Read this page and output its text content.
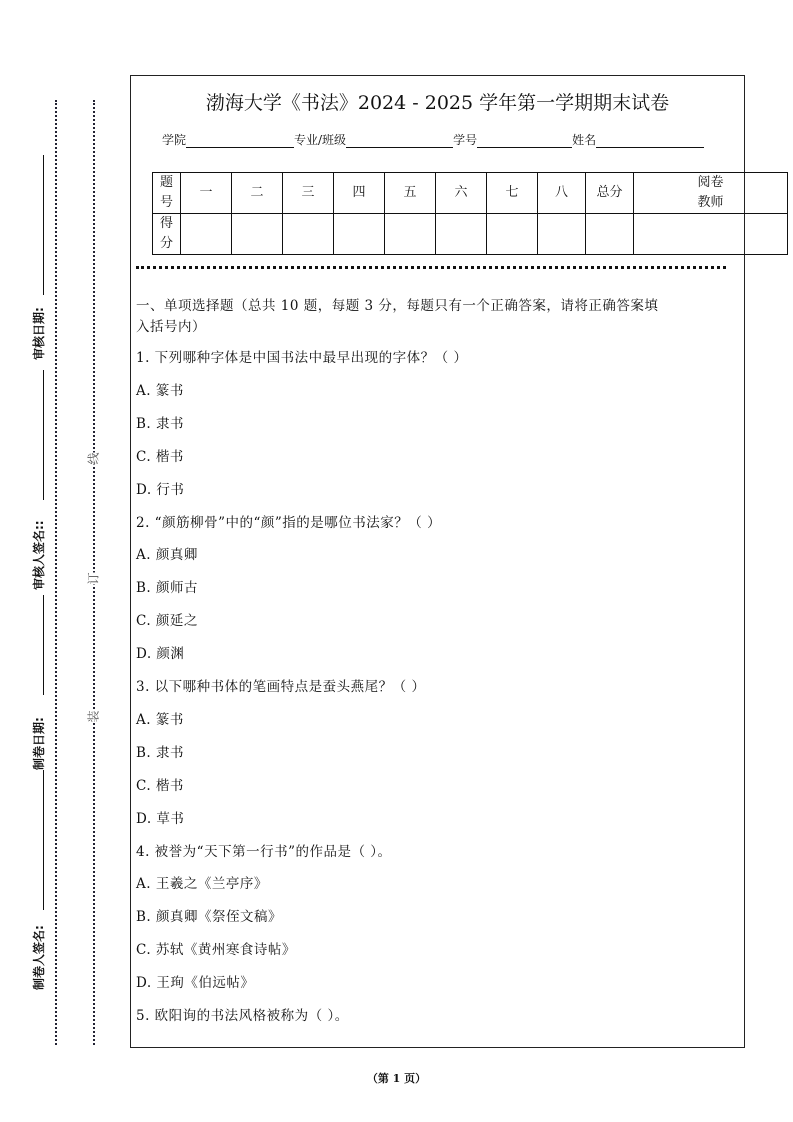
制卷人签名:
制卷日期:
审核人签名::
审核日期:
装
订
线
渤海大学《书法》2024 - 2025 学年第一学期期末试卷
学院	专业/班级	学号	姓名
题
号	一	二	三	四	五	六	七	八	总分	阅卷
教师
得
分										
一、单项选择题（总共 10 题，每题 3 分，每题只有一个正确答案，请将正确答案填
入括号内）
1. 下列哪种字体是中国书法中最早出现的字体？（ ）
A. 篆书
B. 隶书
C. 楷书
D. 行书
2. “颜筋柳骨”中的“颜”指的是哪位书法家？（ ）
A. 颜真卿
B. 颜师古
C. 颜延之
D. 颜渊
3. 以下哪种书体的笔画特点是蚕头燕尾？（ ）
A. 篆书
B. 隶书
C. 楷书
D. 草书
4. 被誉为“天下第一行书”的作品是（ ）。
A. 王羲之《兰亭序》
B. 颜真卿《祭侄文稿》
C. 苏轼《黄州寒食诗帖》
D. 王珣《伯远帖》
5. 欧阳询的书法风格被称为（ ）。
（第 1 页）
